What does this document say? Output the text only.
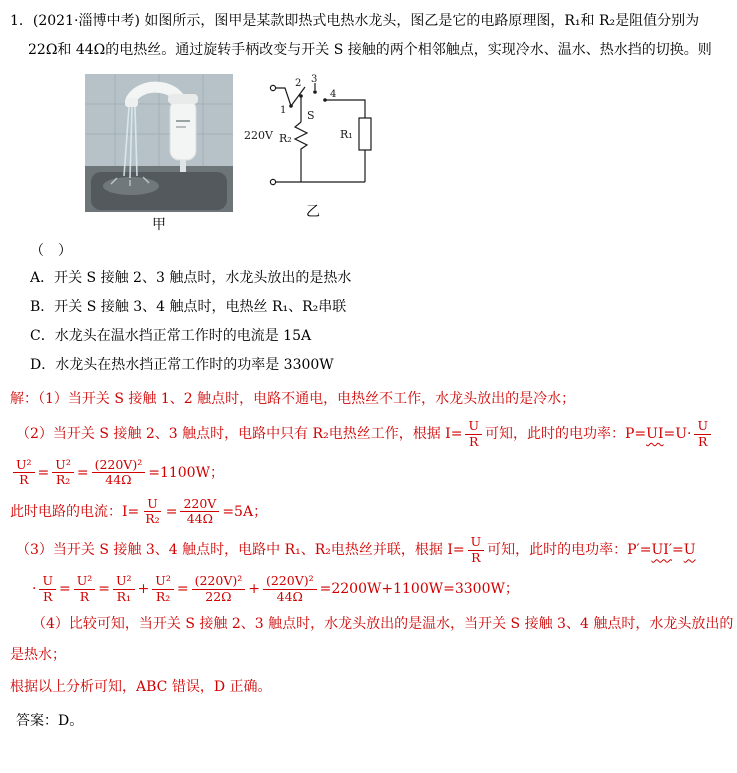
1．(2021·淄博中考) 如图所示，图甲是某款即热式电热水龙头，图乙是它的电路原理图，R₁和 R₂是阻值分别为

22Ω和 44Ω的电热丝。通过旋转手柄改变与开关 S 接触的两个相邻触点，实现冷水、温水、热水挡的切换。则

甲
220V
1
2 3
4
S
R₁
R₂
乙

（　）

A．开关 S 接触 2、3 触点时，水龙头放出的是热水

B．开关 S 接触 3、4 触点时，电热丝 R₁、R₂串联

C．水龙头在温水挡正常工作时的电流是 15A

D．水龙头在热水挡正常工作时的功率是 3300W

解：（1）当开关 S 接触 1、2 触点时，电路不通电，电热丝不工作，水龙头放出的是冷水；

（2）当开关 S 接触 2、3 触点时，电路中只有 R₂电热丝工作，根据 $I= \frac{U}{R}$ 可知，此时的电功率：$P=UI=U\cdot \frac{U}{R}$

$\frac{\text{U²}}{R} = \frac{\text{U²}}{\text{R₂}} = \frac{\text{(220V)²}}{44\Omega} =1100W$；

此时电路的电流：$I= \frac{U}{\text{R₂}} = \frac{220V}{44\Omega} =5A$；

（3）当开关 S 接触 3、4 触点时，电路中 R₁、R₂电热丝并联，根据 $I= \frac{U}{R}$ 可知，此时的电功率：P′=UI′=U

· $\frac{U}{R} = \frac{\text{U²}}{R} = \frac{\text{U²}}{\text{R₁}} + \frac{\text{U²}}{\text{R₂}} = \frac{\text{(220V)²}}{22\Omega} + \frac{\text{(220V)²}}{44\Omega} =2200W+1100W=3300W$；

（4）比较可知，当开关 S 接触 2、3 触点时，水龙头放出的是温水，当开关 S 接触 3、4 触点时，水龙头放出的

是热水；

根据以上分析可知，ABC 错误，D 正确。

答案：D。
